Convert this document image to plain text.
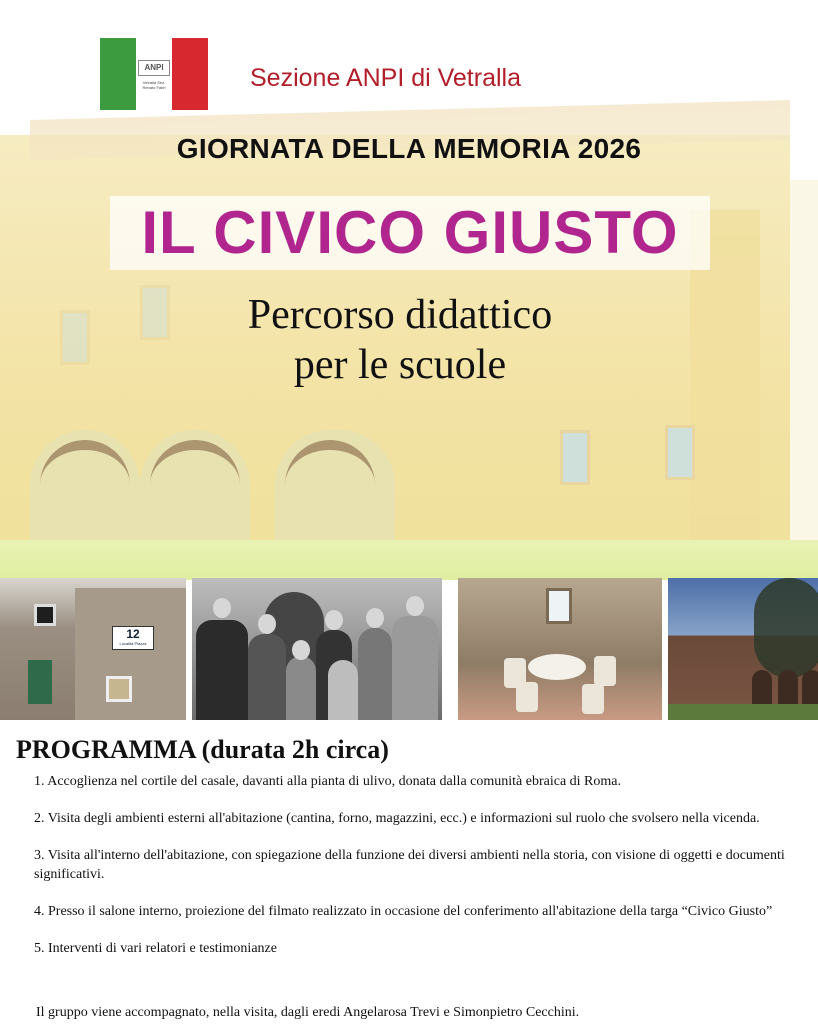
ANPI
Vetralla Sez. Renato Fabri	Sezione ANPI di Vetralla
GIORNATA DELLA MEMORIA 2026
IL CIVICO GIUSTO
Percorso didattico
per le scuole
12
Località Piazza
PROGRAMMA (durata 2h circa)
1. Accoglienza nel cortile del casale, davanti alla pianta di ulivo, donata dalla comunità ebraica di Roma.
2. Visita degli ambienti esterni all'abitazione (cantina, forno, magazzini, ecc.) e informazioni sul ruolo che svolsero nella vicenda.
3. Visita all'interno dell'abitazione, con spiegazione della funzione dei diversi ambienti nella storia, con visione di oggetti e documenti significativi.
4. Presso il salone interno, proiezione del filmato realizzato in occasione del conferimento all'abitazione della targa “Civico Giusto”
5. Interventi di vari relatori e testimonianze
Il gruppo viene accompagnato, nella visita, dagli eredi Angelarosa Trevi e Simonpietro Cecchini.
